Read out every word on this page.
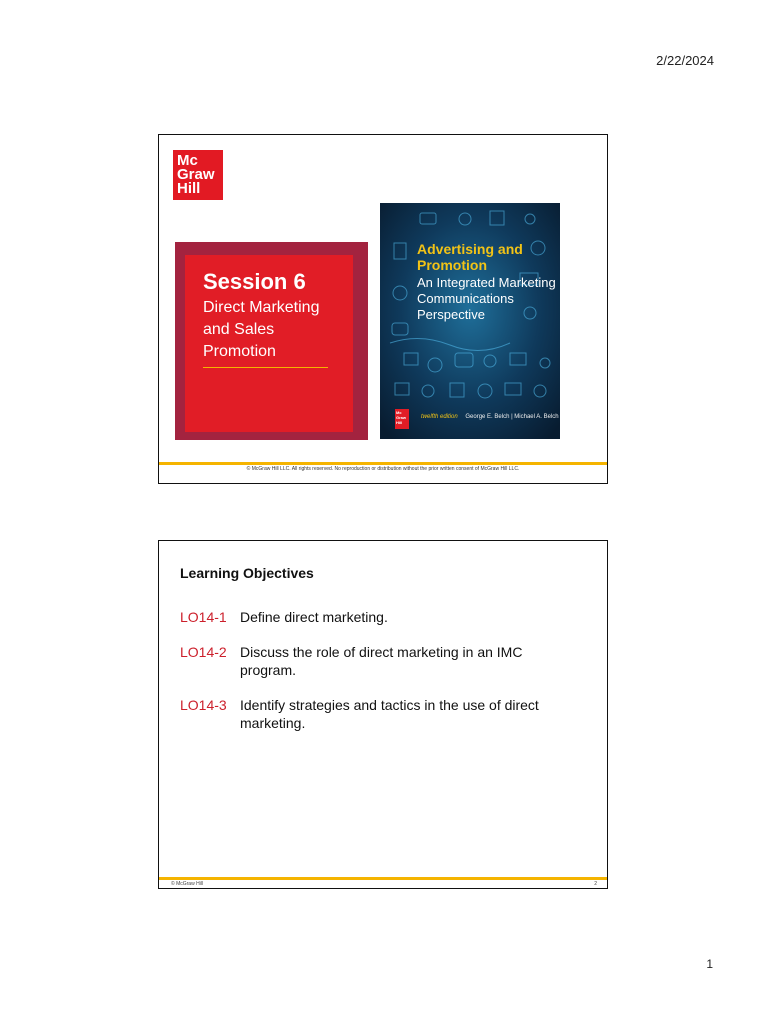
2/22/2024
Mc
Graw
Hill
Session 6
Direct Marketing and Sales Promotion
Advertising and Promotion
An Integrated Marketing Communications Perspective
Mc
Graw
Hill
twelfth edition George E. Belch | Michael A. Belch
© McGraw Hill LLC. All rights reserved. No reproduction or distribution without the prior written consent of McGraw Hill LLC.
Learning Objectives
LO14-1 Define direct marketing.
LO14-2 Discuss the role of direct marketing in an IMC program.
LO14-3 Identify strategies and tactics in the use of direct marketing.
© McGraw Hill	2
1
